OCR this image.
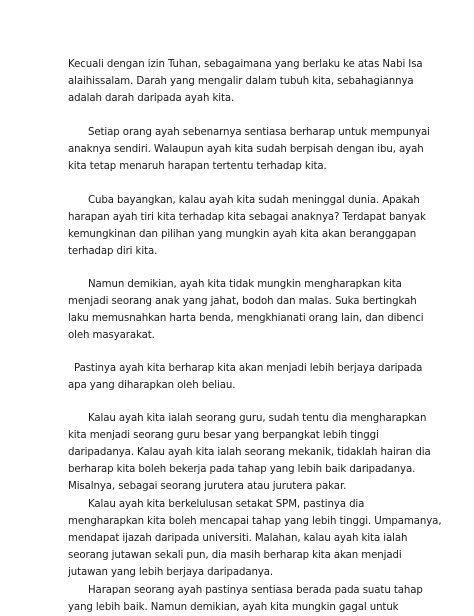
Kecuali dengan izin Tuhan, sebagaimana yang berlaku ke atas Nabi Isa
alaihissalam. Darah yang mengalir dalam tubuh kita, sebahagiannya
adalah darah daripada ayah kita.

Setiap orang ayah sebenarnya sentiasa berharap untuk mempunyai
anaknya sendiri. Walaupun ayah kita sudah berpisah dengan ibu, ayah
kita tetap menaruh harapan tertentu terhadap kita.

Cuba bayangkan, kalau ayah kita sudah meninggal dunia. Apakah
harapan ayah tiri kita terhadap kita sebagai anaknya? Terdapat banyak
kemungkinan dan pilihan yang mungkin ayah kita akan beranggapan
terhadap diri kita.

Namun demikian, ayah kita tidak mungkin mengharapkan kita
menjadi seorang anak yang jahat, bodoh dan malas. Suka bertingkah
laku memusnahkan harta benda, mengkhianati orang lain, dan dibenci
oleh masyarakat.

Pastinya ayah kita berharap kita akan menjadi lebih berjaya daripada
apa yang diharapkan oleh beliau.

Kalau ayah kita ialah seorang guru, sudah tentu dia mengharapkan
kita menjadi seorang guru besar yang berpangkat lebih tinggi
daripadanya. Kalau ayah kita ialah seorang mekanik, tidaklah hairan dia
berharap kita boleh bekerja pada tahap yang lebih baik daripadanya.
Misalnya, sebagai seorang jurutera atau jurutera pakar.

Kalau ayah kita berkelulusan setakat SPM, pastinya dia
mengharapkan kita boleh mencapai tahap yang lebih tinggi. Umpamanya,
mendapat ijazah daripada universiti. Malahan, kalau ayah kita ialah
seorang jutawan sekali pun, dia masih berharap kita akan menjadi
jutawan yang lebih berjaya daripadanya.

Harapan seorang ayah pastinya sentiasa berada pada suatu tahap
yang lebih baik. Namun demikian, ayah kita mungkin gagal untuk
